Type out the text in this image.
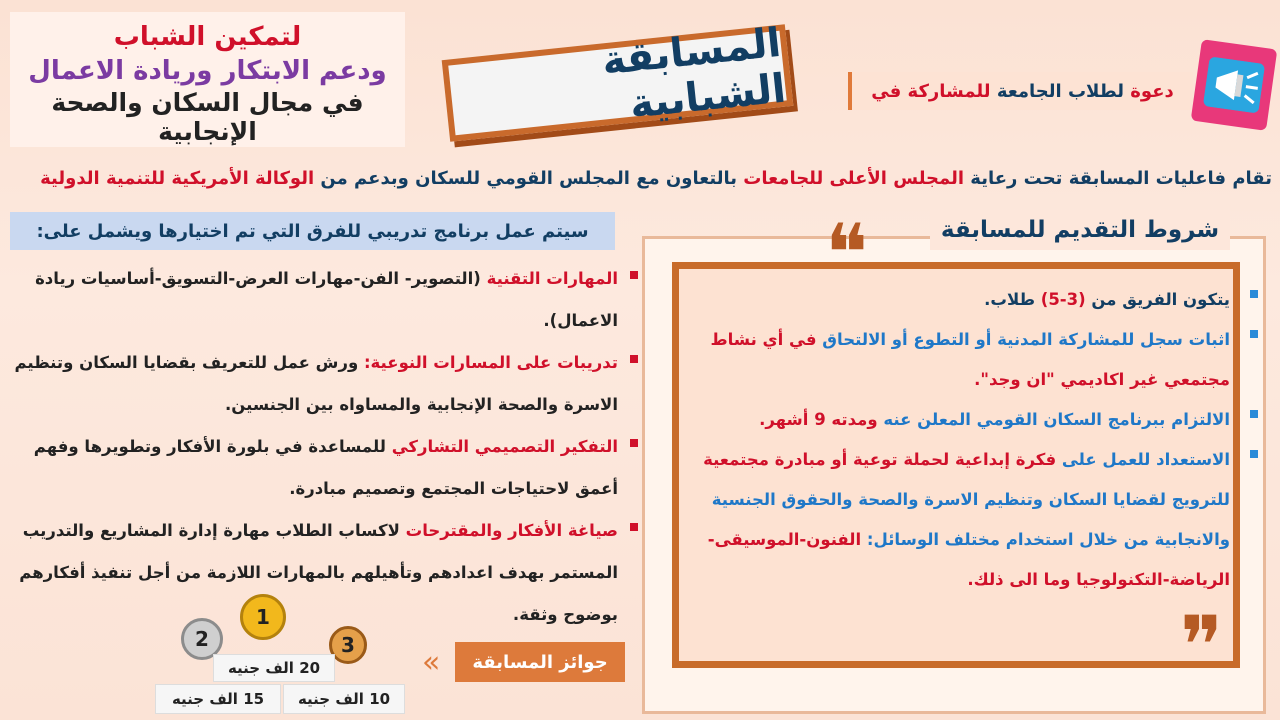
لتمكين الشباب
ودعم الابتكار وريادة الاعمال
في مجال السكان والصحة الإنجابية
المسابقة الشبابية	دعوة

لطلاب الجامعة

للمشاركة في
تقام فاعليات المسابقة تحت رعاية المجلس الأعلى للجامعات بالتعاون مع المجلس القومي للسكان وبدعم من الوكالة الأمريكية للتنمية الدولية
سيتم عمل برنامج تدريبي للفرق التي تم اختيارها ويشمل على:
المهارات التقنية (التصوير- الفن-مهارات العرض-التسويق-أساسيات ريادة الاعمال).
تدريبات على المسارات النوعية: ورش عمل للتعريف بقضايا السكان وتنظيم الاسرة والصحة الإنجابية والمساواه بين الجنسين.
التفكير التصميمي التشاركي للمساعدة في بلورة الأفكار وتطويرها وفهم أعمق لاحتياجات المجتمع وتصميم مبادرة.
صياغة الأفكار والمقترحات لاكساب الطلاب مهارة إدارة المشاريع والتدريب المستمر بهدف اعدادهم وتأهيلهم بالمهارات اللازمة من أجل تنفيذ أفكارهم بوضوح وثقة.
1
2	3
20 الف جنيه
15 الف جنيه	10 الف جنيه
«	جوائز المسابقة
❝
❞
شروط التقديم للمسابقة
يتكون الفريق من (3-5) طلاب.
اثبات سجل للمشاركة المدنية أو التطوع أو الالتحاق في أي نشاط مجتمعي غير اكاديمي "ان وجد".
الالتزام ببرنامج السكان القومي المعلن عنه ومدته 9 أشهر.
الاستعداد للعمل على فكرة إبداعية لحملة توعية أو مبادرة مجتمعية للترويج لقضايا السكان وتنظيم الاسرة والصحة والحقوق الجنسية والانجابية من خلال استخدام مختلف الوسائل: الفنون-الموسيقى-الرياضة-التكنولوجيا وما الى ذلك.
